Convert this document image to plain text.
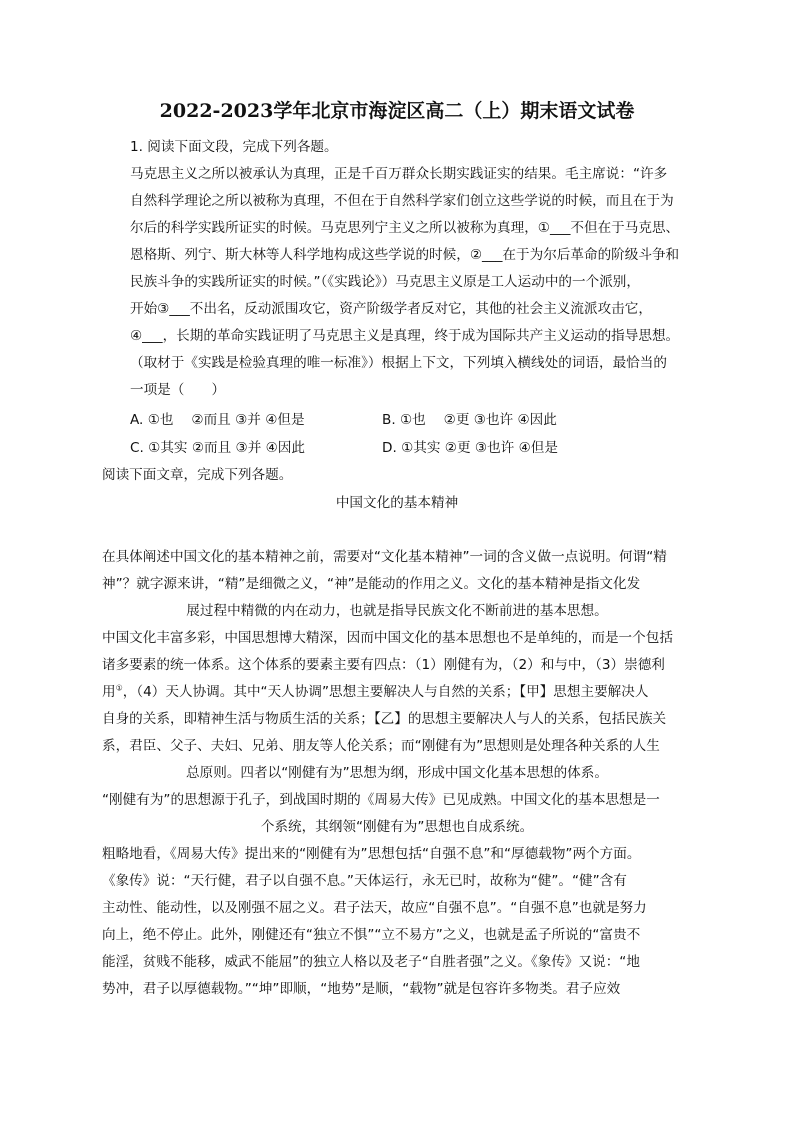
2022-2023学年北京市海淀区高二（上）期末语文试卷
1. 阅读下面文段，完成下列各题。
马克思主义之所以被承认为真理，正是千百万群众长期实践证实的结果。毛主席说：“许多
自然科学理论之所以被称为真理，不但在于自然科学家们创立这些学说的时候，而且在于为
尔后的科学实践所证实的时候。马克思列宁主义之所以被称为真理，①___不但在于马克思、
恩格斯、列宁、斯大林等人科学地构成这些学说的时候，②___在于为尔后革命的阶级斗争和
民族斗争的实践所证实的时候。”（《实践论》）马克思主义原是工人运动中的一个派别，
开始③___不出名，反动派围攻它，资产阶级学者反对它，其他的社会主义流派攻击它，
④___，长期的革命实践证明了马克思主义是真理，终于成为国际共产主义运动的指导思想。
（取材于《实践是检验真理的唯一标准》）根据上下文，下列填入横线处的词语，最恰当的
一项是（　　）
A. ①也　 ②而且 ③并 ④但是	B. ①也　 ②更 ③也许 ④因此
C. ①其实 ②而且 ③并 ④因此	D. ①其实 ②更 ③也许 ④但是
阅读下面文章，完成下列各题。
中国文化的基本精神
在具体阐述中国文化的基本精神之前，需要对“文化基本精神”一词的含义做一点说明。何谓“精
神”？就字源来讲，“精”是细微之义，“神”是能动的作用之义。文化的基本精神是指文化发
展过程中精微的内在动力，也就是指导民族文化不断前进的基本思想。
中国文化丰富多彩，中国思想博大精深，因而中国文化的基本思想也不是单纯的，而是一个包括
诸多要素的统一体系。这个体系的要素主要有四点：（1）刚健有为，（2）和与中，（3）崇德利
用①，（4）天人协调。其中“天人协调”思想主要解决人与自然的关系；【甲】思想主要解决人
自身的关系，即精神生活与物质生活的关系；【乙】的思想主要解决人与人的关系，包括民族关
系，君臣、父子、夫妇、兄弟、朋友等人伦关系；而“刚健有为”思想则是处理各种关系的人生
总原则。四者以“刚健有为”思想为纲，形成中国文化基本思想的体系。
“刚健有为”的思想源于孔子，到战国时期的《周易大传》已见成熟。中国文化的基本思想是一
个系统，其纲领“刚健有为”思想也自成系统。
粗略地看，《周易大传》提出来的“刚健有为”思想包括“自强不息”和“厚德载物”两个方面。
《象传》说：“天行健，君子以自强不息。”天体运行，永无已时，故称为“健”。“健”含有
主动性、能动性，以及刚强不屈之义。君子法天，故应“自强不息”。“自强不息”也就是努力
向上，绝不停止。此外，刚健还有“独立不惧”“立不易方”之义，也就是孟子所说的“富贵不
能淫，贫贱不能移，威武不能屈”的独立人格以及老子“自胜者强”之义。《象传》又说：“地
势冲，君子以厚德载物。”“坤”即顺，“地势”是顺，“载物”就是包容许多物类。君子应效
